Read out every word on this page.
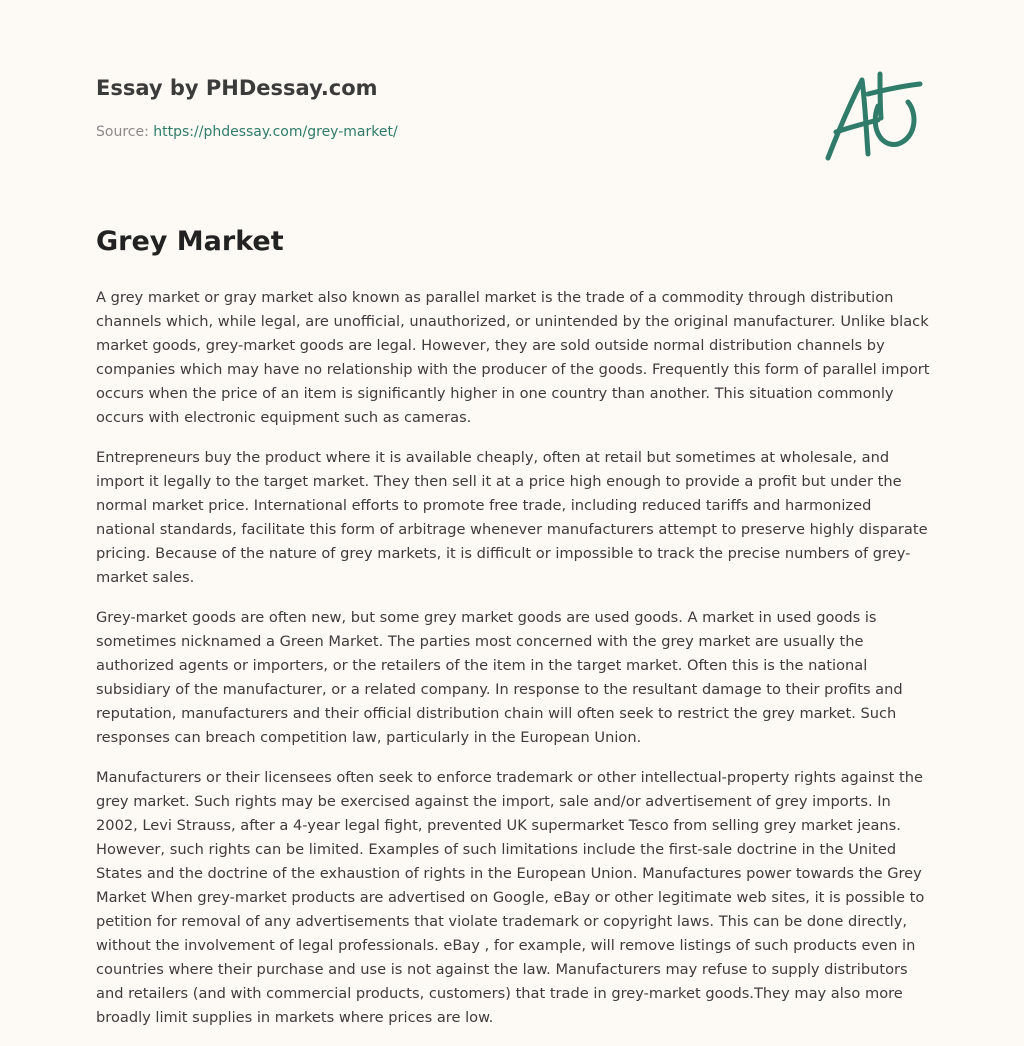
Essay by PHDessay.com
Source: https://phdessay.com/grey-market/
Grey Market

A grey market or gray market also known as parallel market is the trade of a commodity through distribution channels which, while legal, are unofficial, unauthorized, or unintended by the original manufacturer. Unlike black market goods, grey-market goods are legal. However, they are sold outside normal distribution channels by companies which may have no relationship with the producer of the goods. Frequently this form of parallel import occurs when the price of an item is significantly higher in one country than another. This situation commonly occurs with electronic equipment such as cameras.

Entrepreneurs buy the product where it is available cheaply, often at retail but sometimes at wholesale, and import it legally to the target market. They then sell it at a price high enough to provide a profit but under the normal market price. International efforts to promote free trade, including reduced tariffs and harmonized national standards, facilitate this form of arbitrage whenever manufacturers attempt to preserve highly disparate pricing. Because of the nature of grey markets, it is difficult or impossible to track the precise numbers of grey-market sales.

Grey-market goods are often new, but some grey market goods are used goods. A market in used goods is sometimes nicknamed a Green Market. The parties most concerned with the grey market are usually the authorized agents or importers, or the retailers of the item in the target market. Often this is the national subsidiary of the manufacturer, or a related company. In response to the resultant damage to their profits and reputation, manufacturers and their official distribution chain will often seek to restrict the grey market. Such responses can breach competition law, particularly in the European Union.

Manufacturers or their licensees often seek to enforce trademark or other intellectual-property rights against the grey market. Such rights may be exercised against the import, sale and/or advertisement of grey imports. In 2002, Levi Strauss, after a 4-year legal fight, prevented UK supermarket Tesco from selling grey market jeans. However, such rights can be limited. Examples of such limitations include the first-sale doctrine in the United States and the doctrine of the exhaustion of rights in the European Union. Manufactures power towards the Grey Market When grey-market products are advertised on Google, eBay or other legitimate web sites, it is possible to petition for removal of any advertisements that violate trademark or copyright laws. This can be done directly, without the involvement of legal professionals. eBay , for example, will remove listings of such products even in countries where their purchase and use is not against the law. Manufacturers may refuse to supply distributors and retailers (and with commercial products, customers) that trade in grey-market goods.They may also more broadly limit supplies in markets where prices are low.
